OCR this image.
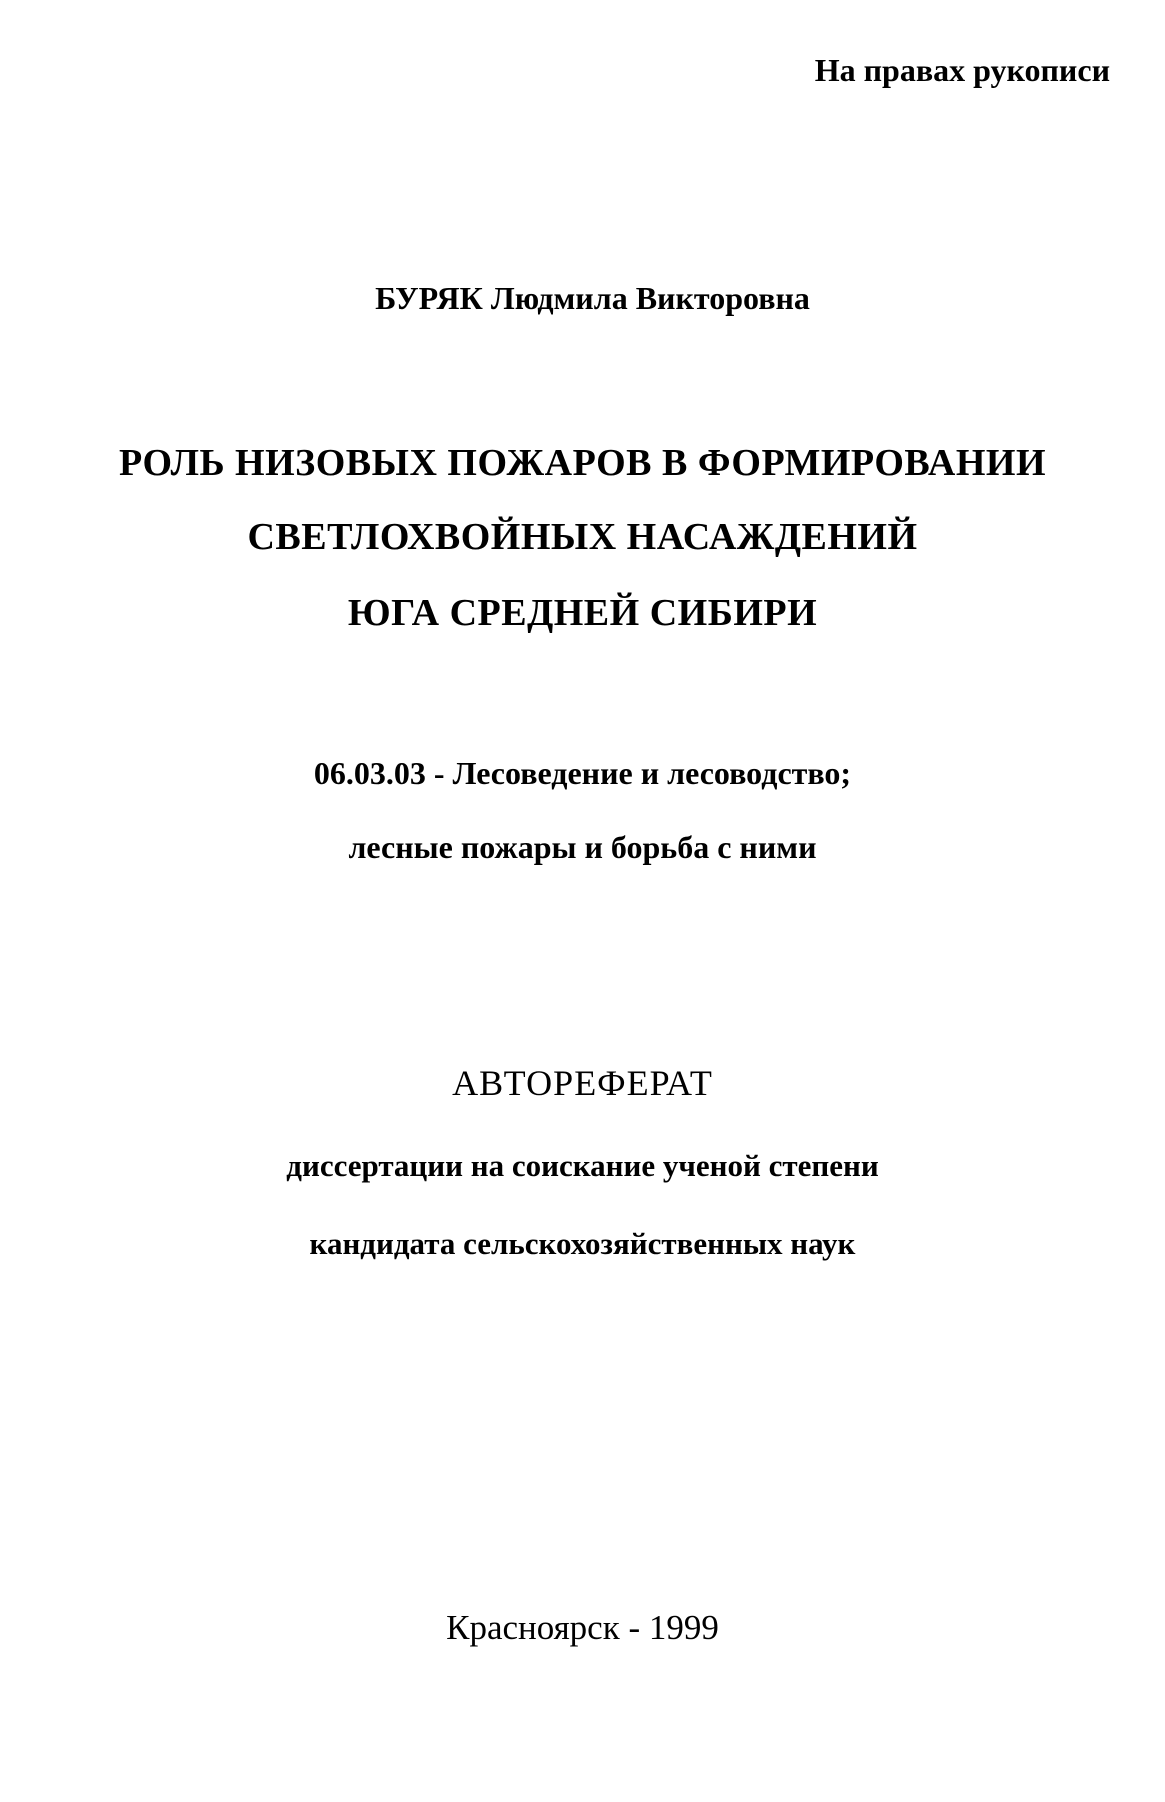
На правах рукописи
БУРЯК Людмила Викторовна
РОЛЬ НИЗОВЫХ ПОЖАРОВ В ФОРМИРОВАНИИ
СВЕТЛОХВОЙНЫХ НАСАЖДЕНИЙ
ЮГА СРЕДНЕЙ СИБИРИ
06.03.03 - Лесоведение и лесоводство;
лесные пожары и борьба с ними
АВТОРЕФЕРАТ
диссертации на соискание ученой степени
кандидата сельскохозяйственных наук
Красноярск - 1999
